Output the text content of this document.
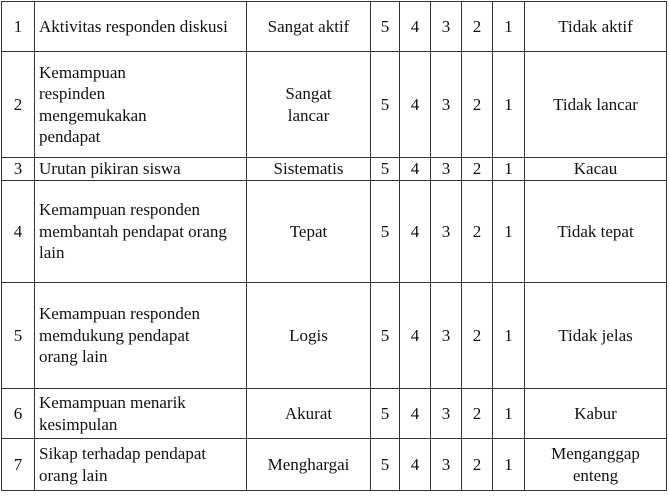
1	Aktivitas responden diskusi	Sangat aktif	5	4	3	2	1	Tidak aktif
2	Kemampuan respinden mengemukakan pendapat	Sangat lancar	5	4	3	2	1	Tidak lancar
3	Urutan pikiran siswa	Sistematis	5	4	3	2	1	Kacau
4	Kemampuan responden membantah pendapat orang lain	Tepat	5	4	3	2	1	Tidak tepat
5	Kemampuan responden memdukung pendapat orang lain	Logis	5	4	3	2	1	Tidak jelas
6	Kemampuan menarik kesimpulan	Akurat	5	4	3	2	1	Kabur
7	Sikap terhadap pendapat orang lain	Menghargai	5	4	3	2	1	Menganggap enteng
